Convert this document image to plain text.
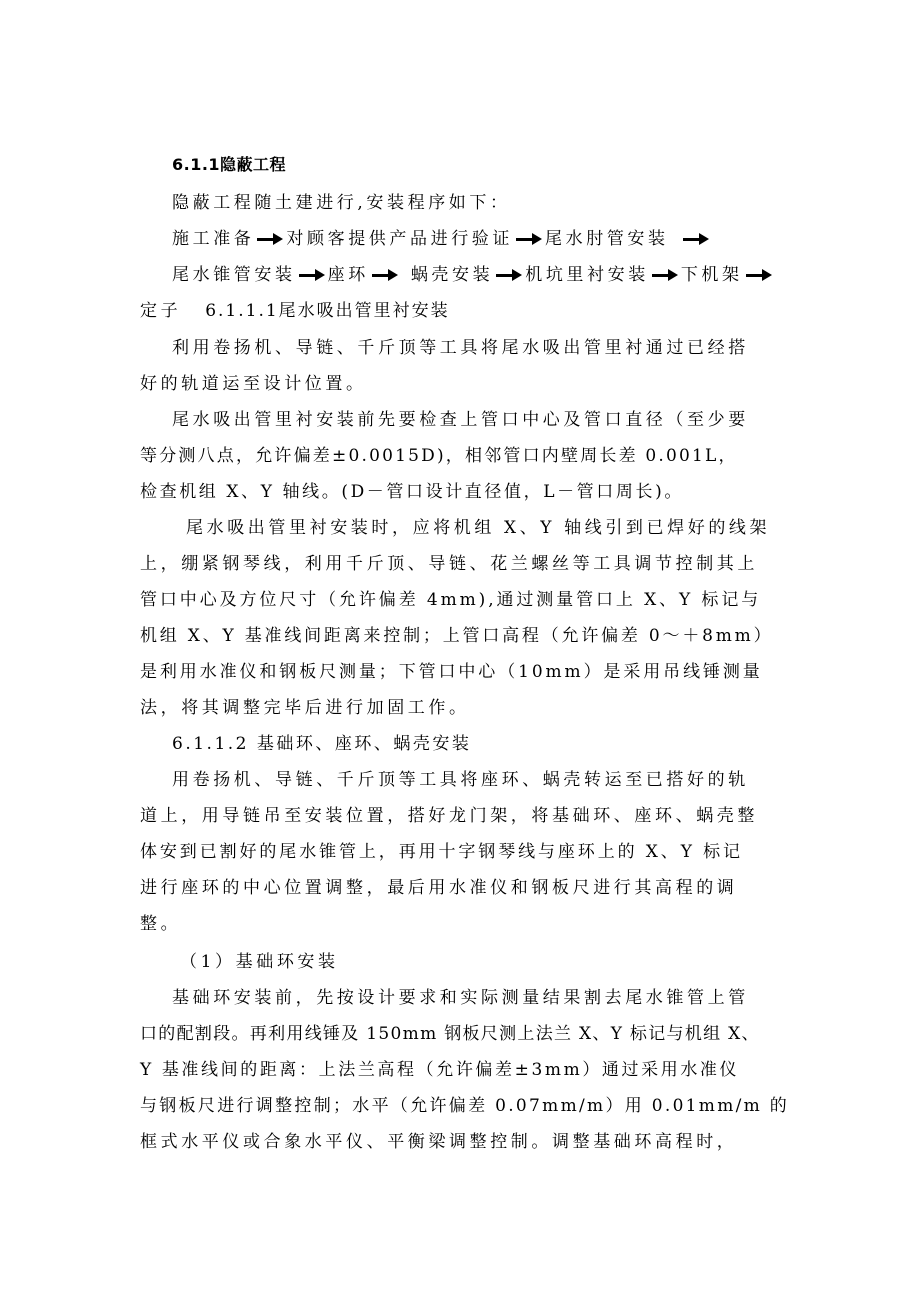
6.1.1隐蔽工程
隐蔽工程随土建进行,安装程序如下：
施工准备 对顾客提供产品进行验证 尾水肘管安装
尾水锥管安装 座环 蜗壳安装 机坑里衬安装 下机架
定子 6.1.1.1尾水吸出管里衬安装
利用卷扬机、导链、千斤顶等工具将尾水吸出管里衬通过已经搭
好的轨道运至设计位置。
尾水吸出管里衬安装前先要检查上管口中心及管口直径（至少要
等分测八点，允许偏差±0.0015D)，相邻管口内壁周长差 0.001L，
检查机组 X、Y 轴线。(D－管口设计直径值，L－管口周长)。
尾水吸出管里衬安装时，应将机组 X、Y 轴线引到已焊好的线架
上，绷紧钢琴线，利用千斤顶、导链、花兰螺丝等工具调节控制其上
管口中心及方位尺寸（允许偏差 4mm),通过测量管口上 X、Y 标记与
机组 X、Y 基准线间距离来控制；上管口高程（允许偏差 0～＋8mm）
是利用水准仪和钢板尺测量；下管口中心（10mm）是采用吊线锤测量
法，将其调整完毕后进行加固工作。
6.1.1.2 基础环、座环、蜗壳安装
用卷扬机、导链、千斤顶等工具将座环、蜗壳转运至已搭好的轨
道上，用导链吊至安装位置，搭好龙门架，将基础环、座环、蜗壳整
体安到已割好的尾水锥管上，再用十字钢琴线与座环上的 X、Y 标记
进行座环的中心位置调整，最后用水准仪和钢板尺进行其高程的调
整。
（1）基础环安装
基础环安装前，先按设计要求和实际测量结果割去尾水锥管上管
口的配割段。再利用线锤及 150mm 钢板尺测上法兰 X、Y 标记与机组 X、
Y 基准线间的距离：上法兰高程（允许偏差±3mm）通过采用水准仪
与钢板尺进行调整控制；水平（允许偏差 0.07mm/m）用 0.01mm/m 的
框式水平仪或合象水平仪、平衡梁调整控制。调整基础环高程时，
